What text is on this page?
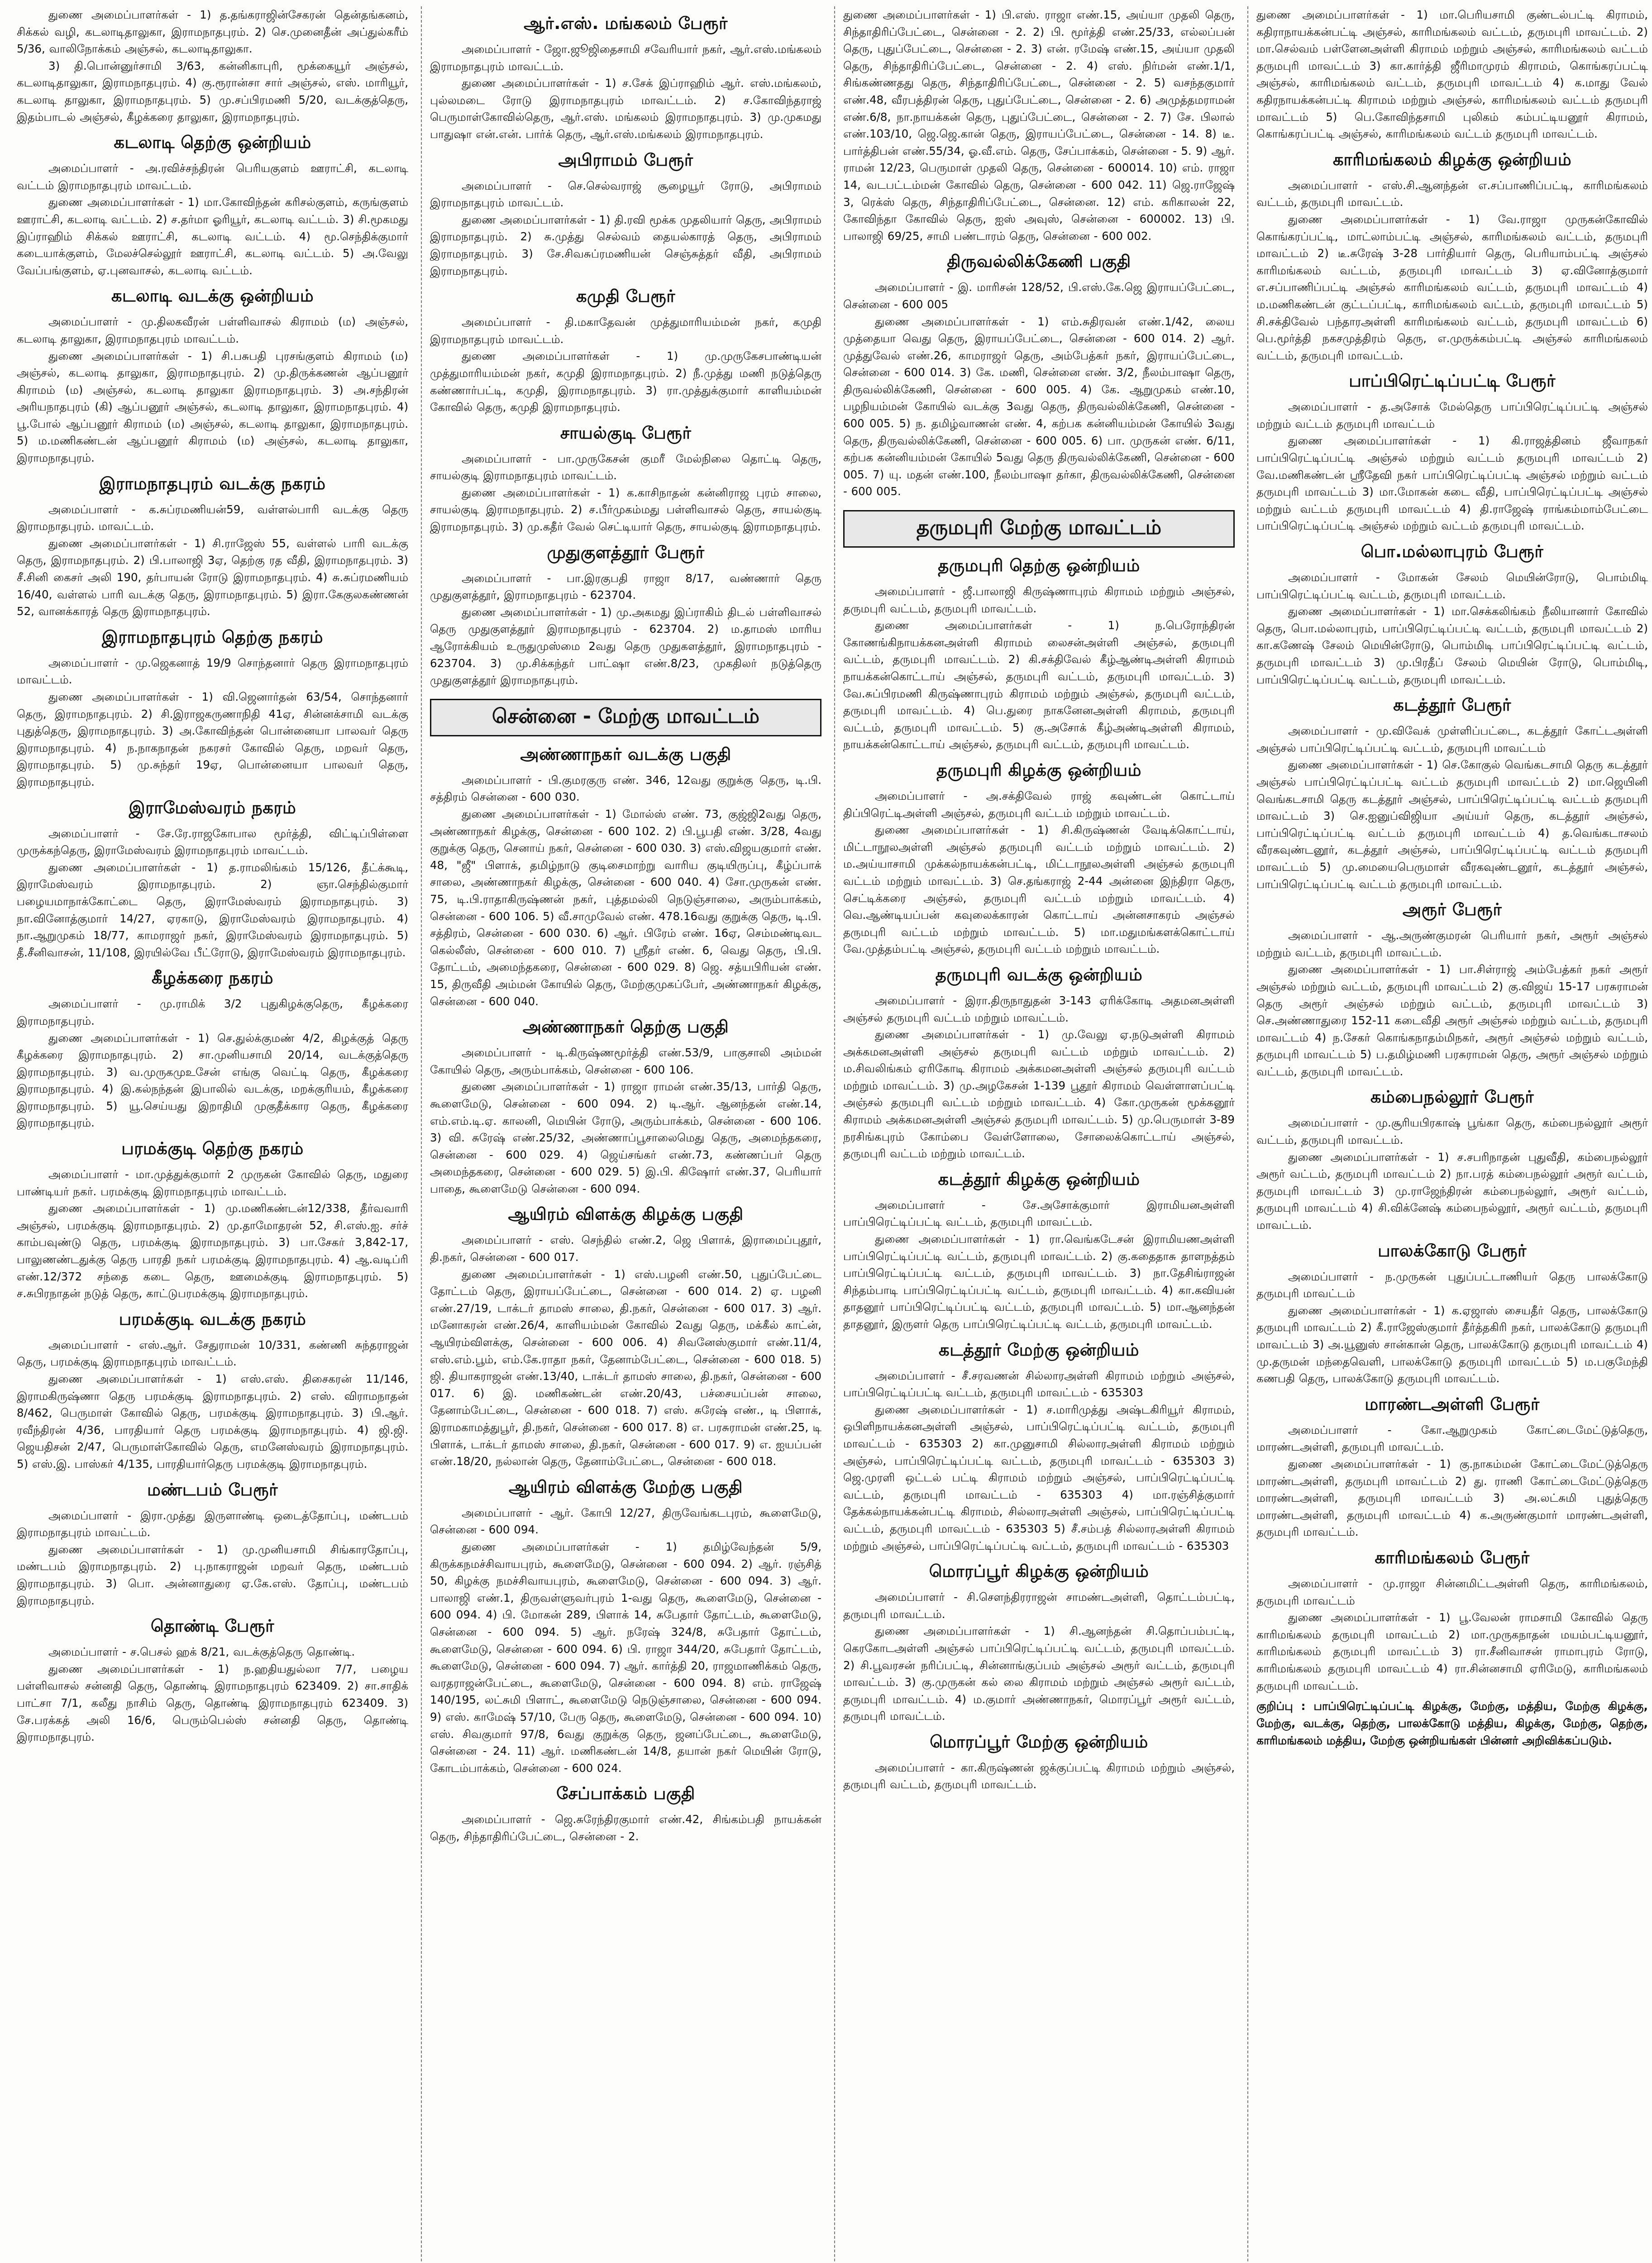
துணை அமைப்பாளர்கள் - 1) த.தங்கராஜின்சேகரன் தென்தங்கனம், சிக்கல் வழி, கடலாடிதாலுகா, இராமநாதபுரம். 2) செ.முனைதீன் அப்துல்கரீம் 5/36, வாலிநோக்கம் அஞ்சல், கடலாடிதாலுகா.

3) தி.பொன்னுர்சாமி 3/63, கன்னிகாபுரி, மூக்கையூர் அஞ்சல், கடலாடிதாலுகா, இராமநாதபுரம். 4) கு.ரூரான்சா சார் அஞ்சல், எஸ். மாரியூர், கடலாடி தாலுகா, இராமநாதபுரம். 5) மு.சப்பிரமணி 5/20, வடக்குத்தெரு, இதம்பாடல் அஞ்சல், கீழக்கரை தாலுகா, இராமநாதபுரம்.

கடலாடி தெற்கு ஒன்றியம்

அமைப்பாளர் - அ.ரவிச்சந்திரன் பெரியகுளம் ஊராட்சி, கடலாடி வட்டம் இராமநாதபுரம் மாவட்டம்.

துணை அமைப்பாளர்கள் - 1) மா.கோவிந்தன் கரிசல்குளம், கருங்குளம் ஊராட்சி, கடலாடி வட்டம். 2) ச.தர்மா ஓரியூர், கடலாடி வட்டம். 3) சி.மூகமது இப்ராஹிம் சிக்கல் ஊராட்சி, கடலாடி வட்டம். 4) மூ.செந்திக்குமார் கடையாக்குளம், மேலச்செல்லூர் ஊராட்சி, கடலாடி வட்டம். 5) அ.வேலு வேப்பங்குளம், ஏ.புனவாசல், கடலாடி வட்டம்.

கடலாடி வடக்கு ஒன்றியம்

அமைப்பாளர் - மு.திலகவீரன் பள்ளிவாசல் கிராமம் (ம) அஞ்சல், கடலாடி தாலுகா, இராமநாதபுரம் மாவட்டம்.

துணை அமைப்பாளர்கள் - 1) சி.பசுபதி புரசங்குளம் கிராமம் (ம) அஞ்சல், கடலாடி தாலுகா, இராமநாதபுரம். 2) மு.திருக்கணன் ஆப்பனூர் கிராமம் (ம) அஞ்சல், கடலாடி தாலுகா இராமநாதபுரம். 3) அ.சந்திரன் அரியநாதபுரம் (கி) ஆப்பனூர் அஞ்சல், கடலாடி தாலுகா, இராமநாதபுரம். 4) பூ.போல் ஆப்பனூர் கிராமம் (ம) அஞ்சல், கடலாடி தாலுகா, இராமநாதபுரம். 5) ம.மணிகண்டன் ஆப்பனூர் கிராமம் (ம) அஞ்சல், கடலாடி தாலுகா, இராமநாதபுரம்.

இராமநாதபுரம் வடக்கு நகரம்

அமைப்பாளர் - க.சுப்ரமணியன்59, வள்ளல்பாரி வடக்கு தெரு இராமநாதபுரம். மாவட்டம்.

துணை அமைப்பாளர்கள் - 1) சி.ராஜேஸ் 55, வள்ளல் பாரி வடக்கு தெரு, இராமநாதபுரம். 2) பி.பாலாஜி 3ஏ, தெற்கு ரத வீதி, இராமநாதபுரம். 3) சீ.சினி கைசர் அலி 190, தர்பாயன் ரோடு இராமநாதபுரம். 4) சு.சுப்ரமணியம் 16/40, வள்ளல் பாரி வடக்கு தெரு, இராமநாதபுரம். 5) இரா.கேகுலகண்ணன் 52, வானக்காரத் தெரு இராமநாதபுரம்.

இராமநாதபுரம் தெற்கு நகரம்

அமைப்பாளர் - மு.ஜெகனாத் 19/9 சொந்தனார் தெரு இராமநாதபுரம் மாவட்டம்.

துணை அமைப்பாளர்கள் - 1) வி.ஜெனார்தன் 63/54, சொந்தனார் தெரு, இராமநாதபுரம். 2) சி.இராஜகருணாநிதி 41ஏ, சின்னக்சாமி வடக்கு புதுத்தெரு, இராமநாதபுரம். 3) அ.கோவிந்தன் பொன்னையா பாலவர் தெரு இராமநாதபுரம். 4) ந.நாகநாதன் நகரசர் கோவில் தெரு, மறவர் தெரு, இராமநாதபுரம். 5) மு.சுந்தர் 19ஏ, பொன்னையா பாலவர் தெரு, இராமநாதபுரம்.

இராமேஸ்வரம் நகரம்

அமைப்பாளர் - சே.ரே.ராஜகோபால மூர்த்தி, விட்டிப்பிள்ளை முருக்கந்தெரு, இராமேஸ்வரம் இராமநாதபுரம் மாவட்டம்.

துணை அமைப்பாளர்கள் - 1) த.ராமலிங்கம் 15/126, தீட்க்கூடி, இராமேஸ்வரம் இராமநாதபுரம். 2) ஞா.செந்தில்குமார் பழையமாநாக்கோட்டை தெரு, இராமேஸ்வரம் இராமநாதபுரம். 3) நா.வினோத்குமார் 14/27, ஏரகாடு, இராமேஸ்வரம் இராமநாதபுரம். 4) நா.ஆறுமுகம் 18/77, காமராஜர் நகர், இராமேஸ்வரம் இராமநாதபுரம். 5) தீ.சீனிவாசன், 11/108, இரயில்வே பீட்ரோடு, இராமேஸ்வரம் இராமநாதபுரம்.

கீழக்கரை நகரம்

அமைப்பாளர் - மு.ராமிக் 3/2 புதுகிழக்குதெரு, கீழக்கரை இராமநாதபுரம்.

துணை அமைப்பாளர்கள் - 1) செ.துல்க்குமண் 4/2, கிழக்குத் தெரு கீழக்கரை இராமநாதபுரம். 2) சா.முனியசாமி 20/14, வடக்குத்தெரு இராமநாதபுரம். 3) வ.முருகமுஉசேன் எங்கு வெட்டி தெரு, கீழக்கரை இராமநாதபுரம். 4) இ.கல்நந்தன் இபாலில் வடக்கு, மறக்குரியம், கீழக்கரை இராமநாதபுரம். 5) யூ.செய்யது இறாதிமி முகுதீக்கார தெரு, கீழக்கரை இராமநாதபுரம்.

பரமக்குடி தெற்கு நகரம்

அமைப்பாளர் - மா.முத்துக்குமார் 2 முருகன் கோவில் தெரு, மதுரை பாண்டியர் நகர். பரமக்குடி இராமநாதபுரம் மாவட்டம்.

துணை அமைப்பாளர்கள் - 1) மு.மணிகண்டன்12/338, தீர்வவாரி அஞ்சல், பரமக்குடி இராமநாதபுரம். 2) மு.தாமோதரன் 52, சி.எஸ்.ஐ. சர்ச் காம்பவுண்டு தெரு, பரமக்குடி இராமநாதபுரம். 3) பா.சேகர் 3,842-17, பாலுணண்டதுக்கு தெரு பாரதி நகர் பரமக்குடி இராமநாதபுரம். 4) ஆ.வடிப்ரி எண்.12/372 சந்தை கடை தெரு, ஊமைக்குடி இராமநாதபுரம். 5) ச.சுபிரநாதன் நடுத் தெரு, காட்டுபரமக்குடி இராமநாதபுரம்.

பரமக்குடி வடக்கு நகரம்

அமைப்பாளர் - எஸ்.ஆர். சேதுராமன் 10/331, கண்ணி சுந்தராஜன் தெரு, பரமக்குடி இராமநாதபுரம் மாவட்டம்.

துணை அமைப்பாளர்கள் - 1) எஸ்.எஸ். திசைகரன் 11/146, இராமகிருஷ்ணா தெரு பரமக்குடி இராமநாதபுரம். 2) எஸ். விராமநாதன் 8/462, பெருமாள் கோவில் தெரு, பரமக்குடி இராமநாதபுரம். 3) பி.ஆர். ரவீந்திரன் 4/36, பாரதியார் தெரு பரமக்குடி இராமநாதபுரம். 4) ஜி.ஜி. ஜெயதிசன் 2/47, பெருமாள்கோவில் தெரு, எமனேஸ்வரம் இராமநாதபுரம். 5) எஸ்.இ. பாஸ்கர் 4/135, பாரதியார்தெரு பரமக்குடி இராமநாதபுரம்.

மண்டபம் பேரூர்

அமைப்பாளர் - இரா.முத்து இருளாண்டி ஒடைத்தோப்பு, மண்டபம் இராமநாதபுரம் மாவட்டம்.

துணை அமைப்பாளர்கள் - 1) மு.முனியசாமி சிங்காரதோப்பு, மண்டபம் இராமநாதபுரம். 2) பு.நாகராஜன் மறவர் தெரு, மண்டபம் இராமநாதபுரம். 3) பொ. அன்னாதுரை ஏ.கே.எஸ். தோப்பு, மண்டபம் இராமநாதபுரம்.

தொண்டி பேரூர்

அமைப்பாளர் - ச.பெசல் ஹக் 8/21, வடக்குத்தெரு தொண்டி.

துணை அமைப்பாளர்கள் - 1) ந.ஹதியதுல்லா 7/7, பழைய பள்ளிவாசல் சன்னதி தெரு, தொண்டி இராமநாதபுரம் 623409. 2) சா.சாதிக் பாட்சா 7/1, கலீது நாசிம் தெரு, தொண்டி இராமநாதபுரம் 623409. 3) சே.பரக்கத் அலி 16/6, பெரும்பெல்ஸ் சன்னதி தெரு, தொண்டி இராமநாதபுரம்.

ஆர்.எஸ். மங்கலம் பேரூர்

அமைப்பாளர் - ஜோ.ஜூஜிதைசாமி சவேரியார் நகர், ஆர்.எஸ்.மங்கலம் இராமநாதபுரம் மாவட்டம்.

துணை அமைப்பாளர்கள் - 1) ச.சேக் இப்ராஹிம் ஆர். எஸ்.மங்கலம், புல்லமடை ரோடு இராமநாதபுரம் மாவட்டம். 2) ச.கோவிந்தராஜ் பெருமாள்கோவில்தெரு, ஆர்.எஸ். மங்கலம் இராமநாதபுரம். 3) மு.முகமது பாதுஷா என்.என். பார்க் தெரு, ஆர்.எஸ்.மங்கலம் இராமநாதபுரம்.

அபிராமம் பேரூர்

அமைப்பாளர் - செ.செல்வராஜ் சூழையூர் ரோடு, அபிராமம் இராமநாதபுரம் மாவட்டம்.

துணை அமைப்பாளர்கள் - 1) தி.ரவி மூக்க முதலியார் தெரு, அபிராமம் இராமநாதபுரம். 2) சு.முத்து செல்வம் தையல்காரத் தெரு, அபிராமம் இராமநாதபுரம். 3) சே.சிவசுப்ரமணியன் செஞ்சுத்தர் வீதி, அபிராமம் இராமநாதபுரம்.

கமுதி பேரூர்

அமைப்பாளர் - தி.மகாதேவன் முத்துமாரியம்மன் நகர், கமுதி இராமநாதபுரம் மாவட்டம்.

துணை அமைப்பாளர்கள் - 1) மு.முருகேசபாண்டியன் முத்துமாரியம்மன் நகர், கமுதி இராமநாதபுரம். 2) நீ.முத்து மணி நடுத்தெரு கண்ணார்பட்டி, கமுதி, இராமநாதபுரம். 3) ரா.முத்துக்குமார் காளியம்மன் கோவில் தெரு, கமுதி இராமநாதபுரம்.

சாயல்குடி பேரூர்

அமைப்பாளர் - பா.முருகேசன் குமரீ மேல்நிலை தொட்டி தெரு, சாயல்குடி இராமநாதபுரம் மாவட்டம்.

துணை அமைப்பாளர்கள் - 1) க.காசிநாதன் கன்னிராஜ புரம் சாலை, சாயல்குடி இராமநாதபுரம். 2) ச.பீர்முகம்மது பள்ளிவாசல் தெரு, சாயல்குடி இராமநாதபுரம். 3) மு.கதீர் வேல் செட்டியார் தெரு, சாயல்குடி இராமநாதபுரம்.

முதுகுளத்தூர் பேரூர்

அமைப்பாளர் - பா.இரகுபதி ராஜா 8/17, வண்ணார் தெரு முதுகுளத்தூர், இராமநாதபுரம் - 623704.

துணை அமைப்பாளர்கள் - 1) மு.அகமது இப்ராகிம் திடல் பள்ளிவாசல் தெரு முதுகுளத்தூர் இராமநாதபுரம் - 623704. 2) ம.தாமஸ் மாரிய ஆரோக்கியம் உருதுமுஸ்மை 2வது தெரு முதுகளத்தூர், இராமநாதபுரம் - 623704. 3) மு.சிக்கந்தர் பாட்ஷா எண்.8/23, முகதிலர் நடுத்தெரு முதுகுளத்தூர் இராமநாதபுரம்.

சென்னை - மேற்கு மாவட்டம்
அண்ணாநகர் வடக்கு பகுதி

அமைப்பாளர் - பி.குமரகுரு எண். 346, 12வது குறுக்கு தெரு, டி.பி. சத்திரம் சென்னை - 600 030.

துணை அமைப்பாளர்கள் - 1) மோல்ஸ் எண். 73, குஜ்ஜி2வது தெரு, அண்ணாநகர் கிழக்கு, சென்னை - 600 102. 2) பி.பூபதி எண். 3/28, 4வது குறுக்கு தெரு, செனாய் நகர், சென்னை - 600 030. 3) எஸ்.விஜயகுமார் எண். 48, "ஜீ" பிளாக், தமிழ்நாடு குடிசைமாற்று வாரிய குடியிருப்பு, கீழ்ப்பாக் சாலை, அண்ணாநகர் கிழக்கு, சென்னை - 600 040. 4) சோ.முருகன் எண். 75, டி.பி.ராதாகிருஷ்ணன் நகர், புத்தமல்லி நெடுஞ்சாலை, அரும்பாக்கம், சென்னை - 600 106. 5) வீ.சாமுவேல் எண். 478.16வது குறுக்கு தெரு, டி.பி. சத்திரம், சென்னை - 600 030. 6) ஆர். பிரேம் எண். 16ஏ, செம்மண்டிவட கெல்லீஸ், சென்னை - 600 010. 7) ஸ்ரீதர் எண். 6, வெது தெரு, பி.பி. தோட்டம், அமைந்தகரை, சென்னை - 600 029. 8) ஜெ. சத்யபிரியன் எண். 15, திருவீதி அம்மன் கோயில் தெரு, மேற்குமுகப்பேர், அண்ணாநகர் கிழக்கு, சென்னை - 600 040.

அண்ணாநகர் தெற்கு பகுதி

அமைப்பாளர் - டி.கிருஷ்ணமூர்த்தி எண்.53/9, பாகுசாலி அம்மன் கோயில் தெரு, அரும்பாக்கம், சென்னை - 600 106.

துணை அமைப்பாளர்கள் - 1) ராஜா ராமன் எண்.35/13, பார்தி தெரு, கூளைமேடு, சென்னை - 600 094. 2) டி.ஆர். ஆனந்தன் எண்.14, எம்.எம்.டி.ஏ. காலனி, மெயின் ரோடு, அரும்பாக்கம், சென்னை - 600 106. 3) வி. சுரேஷ் எண்.25/32, அண்ணாப்பூசாலைமெது தெரு, அமைந்தகரை, சென்னை - 600 029. 4) ஜெய்சங்கர் எண்.73, கண்ணப்பர் தெரு அமைந்தகரை, சென்னை - 600 029. 5) இ.பி. கிஷோர் எண்.37, பெரியார் பாதை, கூளைமேடு சென்னை - 600 094.

ஆயிரம் விளக்கு கிழக்கு பகுதி

அமைப்பாளர் - எஸ். செந்தில் எண்.2, ஜெ பிளாக், இராமைப்புதூர், தி.நகர், சென்னை - 600 017.

துணை அமைப்பாளர்கள் - 1) எஸ்.பழனி எண்.50, புதுப்பேட்டை தோட்டம் தெரு, இராயப்பேட்டை, சென்னை - 600 014. 2) ஏ. பழனி எண்.27/19, டாக்டர் தாமஸ் சாலை, தி.நகர், சென்னை - 600 017. 3) ஆர். மனோகரன் எண்.26/4, காளியம்மன் கோவில் 2வது தெரு, மக்கீல் காட்ன், ஆயிரம்விளக்கு, சென்னை - 600 006. 4) சிவனேஸ்குமார் எண்.11/4, எஸ்.எம்.பூம், எம்.கே.ராதா நகர், தேனாம்பேட்டை, சென்னை - 600 018. 5) ஜி. தியாகராஜன் எண்.13/40, டாக்டர் தாமஸ் சாலை, தி.நகர், சென்னை - 600 017. 6) இ. மணிகண்டன் எண்.20/43, பச்சையப்பன் சாலை, தேனாம்பேட்டை, சென்னை - 600 018. 7) எஸ். சுரேஷ் எண்., டி பிளாக், இராமகாமத்துபூர், தி.நகர், சென்னை - 600 017. 8) எ. பரசுராமன் எண்.25, டி பிளாக், டாக்டர் தாமஸ் சாலை, தி.நகர், சென்னை - 600 017. 9) எ. ஐயப்பன் எண்.18/20, நல்லான் தெரு, தேனாம்பேட்டை, சென்னை - 600 018.

ஆயிரம் விளக்கு மேற்கு பகுதி

அமைப்பாளர் - ஆர். கோபி 12/27, திருவேங்கடபுரம், கூளைமேடு, சென்னை - 600 094.

துணை அமைப்பாளர்கள் - 1) தமிழ்வேந்தன் 5/9, கிருக்கநமச்சிவாயபுரம், கூளைமேடு, சென்னை - 600 094. 2) ஆர். ரஞ்சித் 50, கிழக்கு நமச்சிவாயபுரம், கூளைமேடு, சென்னை - 600 094. 3) ஆர். பாலாஜி எண்.1, திருவள்ளுவர்புரம் 1-வது தெரு, கூளைமேடு, சென்னை - 600 094. 4) பி. மோகன் 289, பிளாக் 14, சுபேதார் தோட்டம், கூளைமேடு, சென்னை - 600 094. 5) ஆர். நரேஷ் 324/8, சுபேதார் தோட்டம், கூளைமேடு, சென்னை - 600 094. 6) பி. ராஜா 344/20, சுபேதார் தோட்டம், கூளைமேடு, சென்னை - 600 094. 7) ஆர். கார்த்தி 20, ராஜமாணிக்கம் தெரு, வரதராஜன்பேட்டை, கூளைமேடு, சென்னை - 600 094. 8) எம். ராஜேஷ் 140/195, லட்சுமி பிளாட், கூளைமேடு நெடுஞ்சாலை, சென்னை - 600 094. 9) எஸ். காமேஷ் 57/10, பேரு தெரு, கூளைமேடு, சென்னை - 600 094. 10) எஸ். சிவகுமார் 97/8, 6வது குறுக்கு தெரு, ஜனப்பேட்டை, கூளைமேடு, சென்னை - 24. 11) ஆர். மணிகண்டன் 14/8, தயான் நகர் மெயின் ரோடு, கோடம்பாக்கம், சென்னை - 600 024.

சேப்பாக்கம் பகுதி

அமைப்பாளர் - ஜெ.சுரேந்திரகுமார் எண்.42, சிங்கம்பதி நாயக்கன் தெரு, சிந்தாதிரிப்பேட்டை, சென்னை - 2.

துணை அமைப்பாளர்கள் - 1) பி.எஸ். ராஜா எண்.15, அய்யா முதலி தெரு, சிந்தாதிரிப்பேட்டை, சென்னை - 2. 2) பி. மூர்த்தி எண்.25/33, எல்லப்பன் தெரு, புதுப்பேட்டை, சென்னை - 2. 3) என். ரமேஷ் எண்.15, அய்யா முதலி தெரு, சிந்தாதிரிப்பேட்டை, சென்னை - 2. 4) எஸ். நிர்மன் எண்.1/1, சிங்கண்ணதது தெரு, சிந்தாதிரிப்பேட்டை, சென்னை - 2. 5) வசந்தகுமார் எண்.48, வீரபத்திரன் தெரு, புதுப்பேட்டை, சென்னை - 2. 6) அமுத்தமராமன் எண்.6/8, நா.நாயக்கன் தெரு, புதுப்பேட்டை, சென்னை - 2. 7) சே. பிலால் எண்.103/10, ஜெ.ஜெ.கான் தெரு, இராயப்பேட்டை, சென்னை - 14. 8) டீ. பார்த்திபன் எண்.55/34, ஓ.வீ.எம். தெரு, சேப்பாக்கம், சென்னை - 5. 9) ஆர். ராமன் 12/23, பெருமாள் முதலி தெரு, சென்னை - 600014. 10) எம். ராஜா 14, வடபட்டம்மன் கோவில் தெரு, சென்னை - 600 042. 11) ஜெ.ராஜேஷ் 3, ரெக்ஸ் தெரு, சிந்தாதிரிப்பேட்டை, சென்னை. 12) எம். கரிகாலன் 22, கோவிந்தா கோவில் தெரு, ஐஸ் அவுஸ், சென்னை - 600002. 13) பி. பாலாஜி 69/25, சாமி பண்டாரம் தெரு, சென்னை - 600 002.

திருவல்லிக்கேணி பகுதி

அமைப்பாளர் - இ. மாரிசன் 128/52, பி.எஸ்.கே.ஜெ இராயப்பேட்டை, சென்னை - 600 005

துணை அமைப்பாளர்கள் - 1) எம்.சுதிரவன் எண்.1/42, லைய முத்தையா வெது தெரு, இராயப்பேட்டை, சென்னை - 600 014. 2) ஆர். முத்துவேல் எண்.26, காமராஜர் தெரு, அம்பேத்கர் நகர், இராயப்பேட்டை, சென்னை - 600 014. 3) கே. மணி, சென்னை எண். 3/2, நீலம்பாஷா தெரு, திருவல்லிக்கேணி, சென்னை - 600 005. 4) கே. ஆறுமுகம் எண்.10, பழநியம்மன் கோயில் வடக்கு 3வது தெரு, திருவல்லிக்கேணி, சென்னை - 600 005. 5) ந. தமிழ்வாணன் எண். 4, கற்பக கன்னியம்மன் கோயில் 3வது தெரு, திருவல்லிக்கேணி, சென்னை - 600 005. 6) பா. முருகன் எண். 6/11, கற்பக கன்னியம்மன் கோயில் 5வது தெரு திருவல்லிக்கேணி, சென்னை - 600 005. 7) யு. மதன் எண்.100, நீலம்பாஷா தர்கா, திருவல்லிக்கேணி, சென்னை - 600 005.

தருமபுரி மேற்கு மாவட்டம்
தருமபுரி தெற்கு ஒன்றியம்

அமைப்பாளர் - ஜீ.பாலாஜி கிருஷ்ணாபுரம் கிராமம் மற்றும் அஞ்சல், தருமபுரி வட்டம், தருமபுரி மாவட்டம்.

துணை அமைப்பாளர்கள் - 1) ந.பெரோந்திரன் கோணங்கிநாயக்கனஅள்ளி கிராமம் லைசன்அள்ளி அஞ்சல், தருமபுரி வட்டம், தருமபுரி மாவட்டம். 2) கி.சக்திவேல் கீழ்ஆண்டிஅள்ளி கிராமம் நாயக்கன்கொட்டாய் அஞ்சல், தருமபுரி வட்டம், தருமபுரி மாவட்டம். 3) வே.சுப்பிரமணி கிருஷ்ணாபுரம் கிராமம் மற்றும் அஞ்சல், தருமபுரி வட்டம், தருமபுரி மாவட்டம். 4) பெ.துரை நாகனேனஅள்ளி கிராமம், தருமபுரி வட்டம், தருமபுரி மாவட்டம். 5) கு.அசோக் கீழ்அண்டிஅள்ளி கிராமம், நாயக்கன்கொட்டாய் அஞ்சல், தருமபுரி வட்டம், தருமபுரி மாவட்டம்.

தருமபுரி கிழக்கு ஒன்றியம்

அமைப்பாளர் - அ.சக்திவேல் ராஜ் கவுண்டன் கொட்டாய் திப்பிரெட்டிஅள்ளி அஞ்சல், தருமபுரி வட்டம் மற்றும் மாவட்டம்.

துணை அமைப்பாளர்கள் - 1) சி.கிருஷ்ணன் வேடிக்கொட்டாய், மிட்டாநூலஅள்ளி அஞ்சல் தருமபுரி வட்டம் மற்றும் மாவட்டம். 2) ம.அய்யாசாமி முக்கல்நாயக்கன்பட்டி, மிட்டாநூலஅள்ளி அஞ்சல் தருமபுரி வட்டம் மற்றும் மாவட்டம். 3) செ.தங்கராஜ் 2-44 அன்னை இந்திரா தெரு, செட்டிக்கரை அஞ்சல், தருமபுரி வட்டம் மற்றும் மாவட்டம். 4) வெ.ஆண்டியப்பன் கவுலைக்காரன் கொட்டாய் அன்னசாகரம் அஞ்சல் தருமபுரி வட்டம் மற்றும் மாவட்டம். 5) மா.மதுமங்களக்கொட்டாய் வே.முத்தம்பட்டி அஞ்சல், தருமபுரி வட்டம் மற்றும் மாவட்டம்.

தருமபுரி வடக்கு ஒன்றியம்

அமைப்பாளர் - இரா.திருநாதுதன் 3-143 ஏரிக்கோடி அதமனஅள்ளி அஞ்சல் தருமபுரி வட்டம் மற்றும் மாவட்டம்.

துணை அமைப்பாளர்கள் - 1) மு.வேலு ஏ.நடுஅள்ளி கிராமம் அக்கமனஅள்ளி அஞ்சல் தருமபுரி வட்டம் மற்றும் மாவட்டம். 2) ம.சிவலிங்கம் ஏரிகோடி கிராமம் அக்கமனஅள்ளி அஞ்சல் தருமபுரி வட்டம் மற்றும் மாவட்டம். 3) மு.அழகேசன் 1-139 பூதூர் கிராமம் வெள்ளாளப்பட்டி அஞ்சல் தருமபுரி வட்டம் மற்றும் மாவட்டம். 4) கோ.முருகன் மூக்கனூர் கிராமம் அக்கமனஅள்ளி அஞ்சல் தருமபுரி மாவட்டம். 5) மு.பெருமாள் 3-89 நரசிங்கபுரம் கோம்பை வேள்ளோலை, சோலைக்கொட்டாய் அஞ்சல், தருமபுரி வட்டம் மற்றும் மாவட்டம்.

கடத்தூர் கிழக்கு ஒன்றியம்

அமைப்பாளர் - சே.அசோக்குமார் இராமியனஅள்ளி பாப்பிரெட்டிப்பட்டி வட்டம், தருமபுரி மாவட்டம்.

துணை அமைப்பாளர்கள் - 1) ரா.வெங்கடேசன் இராமியணஅள்ளி பாப்பிரெட்டிப்பட்டி வட்டம், தருமபுரி மாவட்டம். 2) கு.கதைதாசு தாளநத்தம் பாப்பிரெட்டிப்பட்டி வட்டம், தருமபுரி மாவட்டம். 3) நா.தேசிங்ராஜன் சிந்தம்பாடி பாப்பிரெட்டிப்பட்டி வட்டம், தருமபுரி மாவட்டம். 4) கா.கவியன் தாதனூர் பாப்பிரெட்டிப்பட்டி வட்டம், தருமபுரி மாவட்டம். 5) மா.ஆனந்தன் தாதனூர், இருளர் தெரு பாப்பிரெட்டிப்பட்டி வட்டம், தருமபுரி மாவட்டம்.

கடத்தூர் மேற்கு ஒன்றியம்

அமைப்பாளர் - சீ.சரவணன் சில்லாரஅள்ளி கிராமம் மற்றும் அஞ்சல், பாப்பிரெட்டிப்பட்டி வட்டம், தருமபுரி மாவட்டம் - 635303

துணை அமைப்பாளர்கள் - 1) ச.மாரிமுத்து அஷ்டகிரியூர் கிராமம், ஒபிளிநாயக்கனஅள்ளி அஞ்சல், பாப்பிரெட்டிப்பட்டி வட்டம், தருமபுரி மாவட்டம் - 635303 2) கா.முனுசாமி சில்லாரஅள்ளி கிராமம் மற்றும் அஞ்சல், பாப்பிரெட்டிப்பட்டி வட்டம், தருமபுரி மாவட்டம் - 635303 3) ஜெ.முரளி ஒட்டல் பட்டி கிராமம் மற்றும் அஞ்சல், பாப்பிரெட்டிப்பட்டி வட்டம், தருமபுரி மாவட்டம் - 635303 4) மா.ரஞ்சித்குமார் தேக்கல்நாயக்கன்பட்டி கிராமம், சில்லாரஅள்ளி அஞ்சல், பாப்பிரெட்டிப்பட்டி வட்டம், தருமபுரி மாவட்டம் - 635303 5) சீ.சம்பத் சில்லாரஅள்ளி கிராமம் மற்றும் அஞ்சல், பாப்பிரெட்டிப்பட்டி வட்டம், தருமபுரி மாவட்டம் - 635303

மொரப்பூர் கிழக்கு ஒன்றியம்

அமைப்பாளர் - சி.சௌந்திரராஜன் சாமண்டஅள்ளி, தொட்டம்பட்டி, தருமபுரி மாவட்டம்.

துணை அமைப்பாளர்கள் - 1) சி.ஆனந்தன் சி.தொப்பம்பட்டி, கெரகோடஅள்ளி அஞ்சல் பாப்பிரெட்டிப்பட்டி வட்டம், தருமபுரி மாவட்டம். 2) சி.பூவரசன் நரிப்பட்டி, சின்னாங்குப்பம் அஞ்சல் அரூர் வட்டம், தருமபுரி மாவட்டம். 3) கு.முருகன் கல் லை கிராமம் மற்றும் அஞ்சல் அரூர் வட்டம், தருமபுரி மாவட்டம். 4) ம.குமார் அண்ணாநகர், மொரப்பூர் அரூர் வட்டம், தருமபுரி மாவட்டம்.

மொரப்பூர் மேற்கு ஒன்றியம்

அமைப்பாளர் - கா.கிருஷ்ணன் ஜக்குப்பட்டி கிராமம் மற்றும் அஞ்சல், தருமபுரி வட்டம், தருமபுரி மாவட்டம்.

துணை அமைப்பாளர்கள் - 1) மா.பெரியசாமி குண்டல்பட்டி கிராமம், கதிராநாயக்கன்பட்டி அஞ்சல், காரிமங்கலம் வட்டம், தருமபுரி மாவட்டம். 2) மா.செல்வம் பள்ளேனஅள்ளி கிராமம் மற்றும் அஞ்சல், காரிமங்கலம் வட்டம் தருமபுரி மாவட்டம் 3) கா.கார்த்தி ஜீரிமாமுரம் கிராமம், கொங்கரப்பட்டி அஞ்சல், காரிமங்கலம் வட்டம், தருமபுரி மாவட்டம் 4) க.மாது வேல் கதிரநாயக்கன்பட்டி கிராமம் மற்றும் அஞ்சல், காரிமங்கலம் வட்டம் தருமபுரி மாவட்டம் 5) பெ.கோவிந்தசாமி புலிகம் கம்பட்டியனூர் கிராமம், கொங்கரப்பட்டி அஞ்சல், காரிமங்கலம் வட்டம் தருமபுரி மாவட்டம்.

காரிமங்கலம் கிழக்கு ஒன்றியம்

அமைப்பாளர் - எஸ்.சி.ஆனந்தன் எ.சப்பாணிப்பட்டி, காரிமங்கலம் வட்டம், தருமபுரி மாவட்டம்.

துணை அமைப்பாளர்கள் - 1) வே.ராஜா முருகன்கோவில் கொங்கரப்பட்டி, மாட்லாம்பட்டி அஞ்சல், காரிமங்கலம் வட்டம், தருமபுரி மாவட்டம் 2) டீ.சுரேஷ் 3-28 பார்தியார் தெரு, பெரியாம்பட்டி அஞ்சல் காரிமங்கலம் வட்டம், தருமபுரி மாவட்டம் 3) ஏ.வினோத்குமார் எ.சப்பாணிப்பட்டி அஞ்சல் காரிமங்கலம் வட்டம், தருமபுரி மாவட்டம் 4) ம.மணிகண்டன் குட்டப்பட்டி, காரிமங்கலம் வட்டம், தருமபுரி மாவட்டம் 5) சி.சக்திவேல் பந்தாரஅள்ளி காரிமங்கலம் வட்டம், தருமபுரி மாவட்டம் 6) பெ.மூர்த்தி நகசமுத்திரம் தெரு, எ.முருக்கம்பட்டி அஞ்சல் காரிமங்கலம் வட்டம், தருமபுரி மாவட்டம்.

பாப்பிரெட்டிப்பட்டி பேரூர்

அமைப்பாளர் - த.அசோக் மேல்தெரு பாப்பிரெட்டிப்பட்டி அஞ்சல் மற்றும் வட்டம் தருமபுரி மாவட்டம்

துணை அமைப்பாளர்கள் - 1) கி.ராஜத்தினம் ஜீவாநகர் பாப்பிரெட்டிப்பட்டி அஞ்சல் மற்றும் வட்டம் தருமபுரி மாவட்டம் 2) வே.மணிகண்டன் ஸ்ரீதேவி நகர் பாப்பிரெட்டிப்பட்டி அஞ்சல் மற்றும் வட்டம் தருமபுரி மாவட்டம் 3) மா.மோகன் கடை வீதி, பாப்பிரெட்டிப்பட்டி அஞ்சல் மற்றும் வட்டம் தருமபுரி மாவட்டம் 4) தி.ராஜேஷ் ராங்கம்மாம்பேட்டை பாப்பிரெட்டிப்பட்டி அஞ்சல் மற்றும் வட்டம் தருமபுரி மாவட்டம்.

பொ.மல்லாபுரம் பேரூர்

அமைப்பாளர் - மோகன் சேலம் மெயின்ரோடு, பொம்மிடி பாப்பிரெட்டிப்பட்டி வட்டம், தருமபுரி மாவட்டம்.

துணை அமைப்பாளர்கள் - 1) மா.செக்கலிங்கம் நீலியானார் கோவில் தெரு, பொ.மல்லாபுரம், பாப்பிரெட்டிப்பட்டி வட்டம், தருமபுரி மாவட்டம் 2) கா.கணேஷ் சேலம் மெயின்ரோடு, பொம்மிடி பாப்பிரெட்டிப்பட்டி வட்டம், தருமபுரி மாவட்டம் 3) மு.பிரதீப் சேலம் மெயின் ரோடு, பொம்மிடி, பாப்பிரெட்டிப்பட்டி வட்டம், தருமபுரி மாவட்டம்.

கடத்தூர் பேரூர்

அமைப்பாளர் - மு.விவேக் முள்ளிப்பட்டை, கடத்தூர் கோட்டஅள்ளி அஞ்சல் பாப்பிரெட்டிப்பட்டி வட்டம், தருமபுரி மாவட்டம்

துணை அமைப்பாளர்கள் - 1) செ.கோகுல் வெங்கடசாமி தெரு கடத்தூர் அஞ்சல் பாப்பிரெட்டிப்பட்டி வட்டம் தருமபுரி மாவட்டம் 2) மா.ஜெயினி வெங்கடசாமி தெரு கடத்தூர் அஞ்சல், பாப்பிரெட்டிப்பட்டி வட்டம் தருமபுரி மாவட்டம் 3) செ.ஐனுப்விஜியா அய்யர் தெரு, கடத்தூர் அஞ்சல், பாப்பிரெட்டிப்பட்டி வட்டம் தருமபுரி மாவட்டம் 4) த.வெங்கடாசலம் வீரகவுண்டனூர், கடத்தூர் அஞ்சல், பாப்பிரெட்டிப்பட்டி வட்டம் தருமபுரி மாவட்டம் 5) மு.மையைபெருமாள் வீரகவுண்டனூர், கடத்தூர் அஞ்சல், பாப்பிரெட்டிப்பட்டி வட்டம் தருமபுரி மாவட்டம்.

அரூர் பேரூர்

அமைப்பாளர் - ஆ.அருண்குமரன் பெரியார் நகர், அரூர் அஞ்சல் மற்றும் வட்டம், தருமபுரி மாவட்டம்.

துணை அமைப்பாளர்கள் - 1) பா.சிள்ராஜ் அம்பேத்கர் நகர் அரூர் அஞ்சல் மற்றும் வட்டம், தருமபுரி மாவட்டம் 2) கு.விஜய் 15-17 பரசுராமன் தெரு அரூர் அஞ்சல் மற்றும் வட்டம், தருமபுரி மாவட்டம் 3) செ.அண்ணாதுரை 152-11 கடைவீதி அரூர் அஞ்சல் மற்றும் வட்டம், தருமபுரி மாவட்டம் 4) ந.சேகர் கொங்கநாதம்மிநகர், அரூர் அஞ்சல் மற்றும் வட்டம், தருமபுரி மாவட்டம் 5) ப.தமிழ்மணி பரசுராமன் தெரு, அரூர் அஞ்சல் மற்றும் வட்டம், தருமபுரி மாவட்டம்.

கம்பைநல்லூர் பேரூர்

அமைப்பாளர் - மு.சூரியபிரகாஷ் பூங்கா தெரு, கம்பைநல்லூர் அரூர் வட்டம், தருமபுரி மாவட்டம்.

துணை அமைப்பாளர்கள் - 1) ச.சபரிநாதன் புதுவீதி, கம்பைநல்லூர் அரூர் வட்டம், தருமபுரி மாவட்டம் 2) நா.பரத் கம்பைநல்லூர் அரூர் வட்டம், தருமபுரி மாவட்டம் 3) மு.ராஜேந்திரன் கம்பைநல்லூர், அரூர் வட்டம், தருமபுரி மாவட்டம் 4) சி.விக்னேஷ் கம்பைநல்லூர், அரூர் வட்டம், தருமபுரி மாவட்டம்.

பாலக்கோடு பேரூர்

அமைப்பாளர் - ந.முருகன் புதுப்பட்டாணியர் தெரு பாலக்கோடு தருமபுரி மாவட்டம்

துணை அமைப்பாளர்கள் - 1) க.ஏஜாஸ் சையதீர் தெரு, பாலக்கோடு தருமபுரி மாவட்டம் 2) கீ.ராஜேஸ்குமார் தீர்த்தகிரி நகர், பாலக்கோடு தருமபுரி மாவட்டம் 3) அ.யூனுஸ் சான்கான் தெரு, பாலக்கோடு தருமபுரி மாவட்டம் 4) மு.தருமன் மந்தைவெளி, பாலக்கோடு தருமபுரி மாவட்டம் 5) ம.பகுமேந்தி கணபதி தெரு, பாலக்கோடு தருமபுரி மாவட்டம்.

மாரண்டஅள்ளி பேரூர்

அமைப்பாளர் - கோ.ஆறுமுகம் கோட்டைமேட்டுத்தெரு, மாரண்டஅள்ளி, தருமபுரி மாவட்டம்.

துணை அமைப்பாளர்கள் - 1) கு.நாகம்மன் கோட்டைமேட்டுத்தெரு மாரண்டஅள்ளி, தருமபுரி மாவட்டம் 2) து. ராணி கோட்டைமேட்டுத்தெரு மாரண்டஅள்ளி, தருமபுரி மாவட்டம் 3) அ.லட்சுமி புதுத்தெரு மாரண்டஅள்ளி, தருமபுரி மாவட்டம் 4) க.அருண்குமார் மாரண்டஅள்ளி, தருமபுரி மாவட்டம்.

காரிமங்கலம் பேரூர்

அமைப்பாளர் - மு.ராஜா சின்னமிட்டஅள்ளி தெரு, காரிமங்கலம், தருமபுரி மாவட்டம்

துணை அமைப்பாளர்கள் - 1) பூ.வேலன் ராமசாமி கோவில் தெரு காரிமங்கலம் தருமபுரி மாவட்டம் 2) மா.முருகநாதன் மயம்பட்டியனூர், காரிமங்கலம் தருமபுரி மாவட்டம் 3) ரா.சீனிவாசன் ராமாபுரம் ரோடு, காரிமங்கலம் தருமபுரி மாவட்டம் 4) ரா.சின்னசாமி ஏரிமேடு, காரிமங்கலம் தருமபுரி மாவட்டம்.

குறிப்பு : பாப்பிரெட்டிப்பட்டி கிழக்கு, மேற்கு, மத்திய, மேற்கு கிழக்கு, மேற்கு, வடக்கு, தெற்கு, பாலக்கோடு மத்திய, கிழக்கு, மேற்கு, தெற்கு, காரிமங்கலம் மத்திய, மேற்கு ஒன்றியங்கள் பின்னர் அறிவிக்கப்படும்.
